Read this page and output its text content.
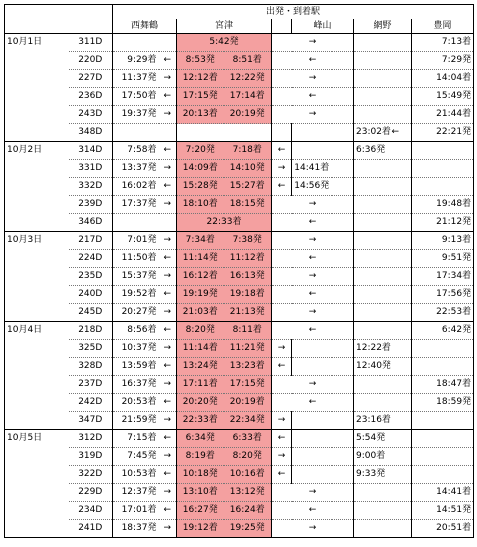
		出発・到着駅									
		西舞鶴		宮津			峰山		網野		豊岡
10月1日	311D			5:42発		→					7:13着
	220D	9:29着	←	8:53発	8:51着	←					7:29発
	227D	11:37発	→	12:12着	12:22発	→					14:04着
	236D	17:50着	←	17:15発	17:14着	←					15:49発
	243D	19:37発	→	20:13着	20:19発	→					21:44着
	348D								23:02着	←	22:21発
10月2日	314D	7:58着	←	7:20発	7:18着	←			6:36発		
	331D	13:37発	→	14:09着	14:10発	→	14:41着				
	332D	16:02着	←	15:28発	15:27着	←	14:56発				
	239D	17:37発	→	18:10着	18:15発	→					19:48着
	346D			22:33着		←					21:12発
10月3日	217D	7:01発	→	7:34着	7:38発	→					9:13着
	224D	11:50着	←	11:14発	11:12着	←					9:51発
	235D	15:37発	→	16:12着	16:13発	→					17:34着
	240D	19:52着	←	19:19発	19:18着	←					17:56発
	245D	20:27発	→	21:03着	21:13発	→					22:53着
10月4日	218D	8:56着	←	8:20発	8:11着	←					6:42発
	325D	10:37発	→	11:14着	11:21発	→			12:22着		
	328D	13:59着	←	13:24発	13:23着	←			12:40発		
	237D	16:37発	→	17:11着	17:15発	→					18:47着
	242D	20:53着	←	20:20発	20:19着	←					18:59発
	347D	21:59発	→	22:33着	22:34発	→			23:16着		
10月5日	312D	7:15着	←	6:34発	6:33着	←			5:54発		
	319D	7:45発	→	8:19着	8:20発	→			9:00着		
	322D	10:53着	←	10:18発	10:16着	←			9:33発		
	229D	12:37発	→	13:10着	13:12発	→					14:41着
	234D	17:01着	←	16:27発	16:24着	←					14:51発
	241D	18:37発	→	19:12着	19:25発	→					20:51着
